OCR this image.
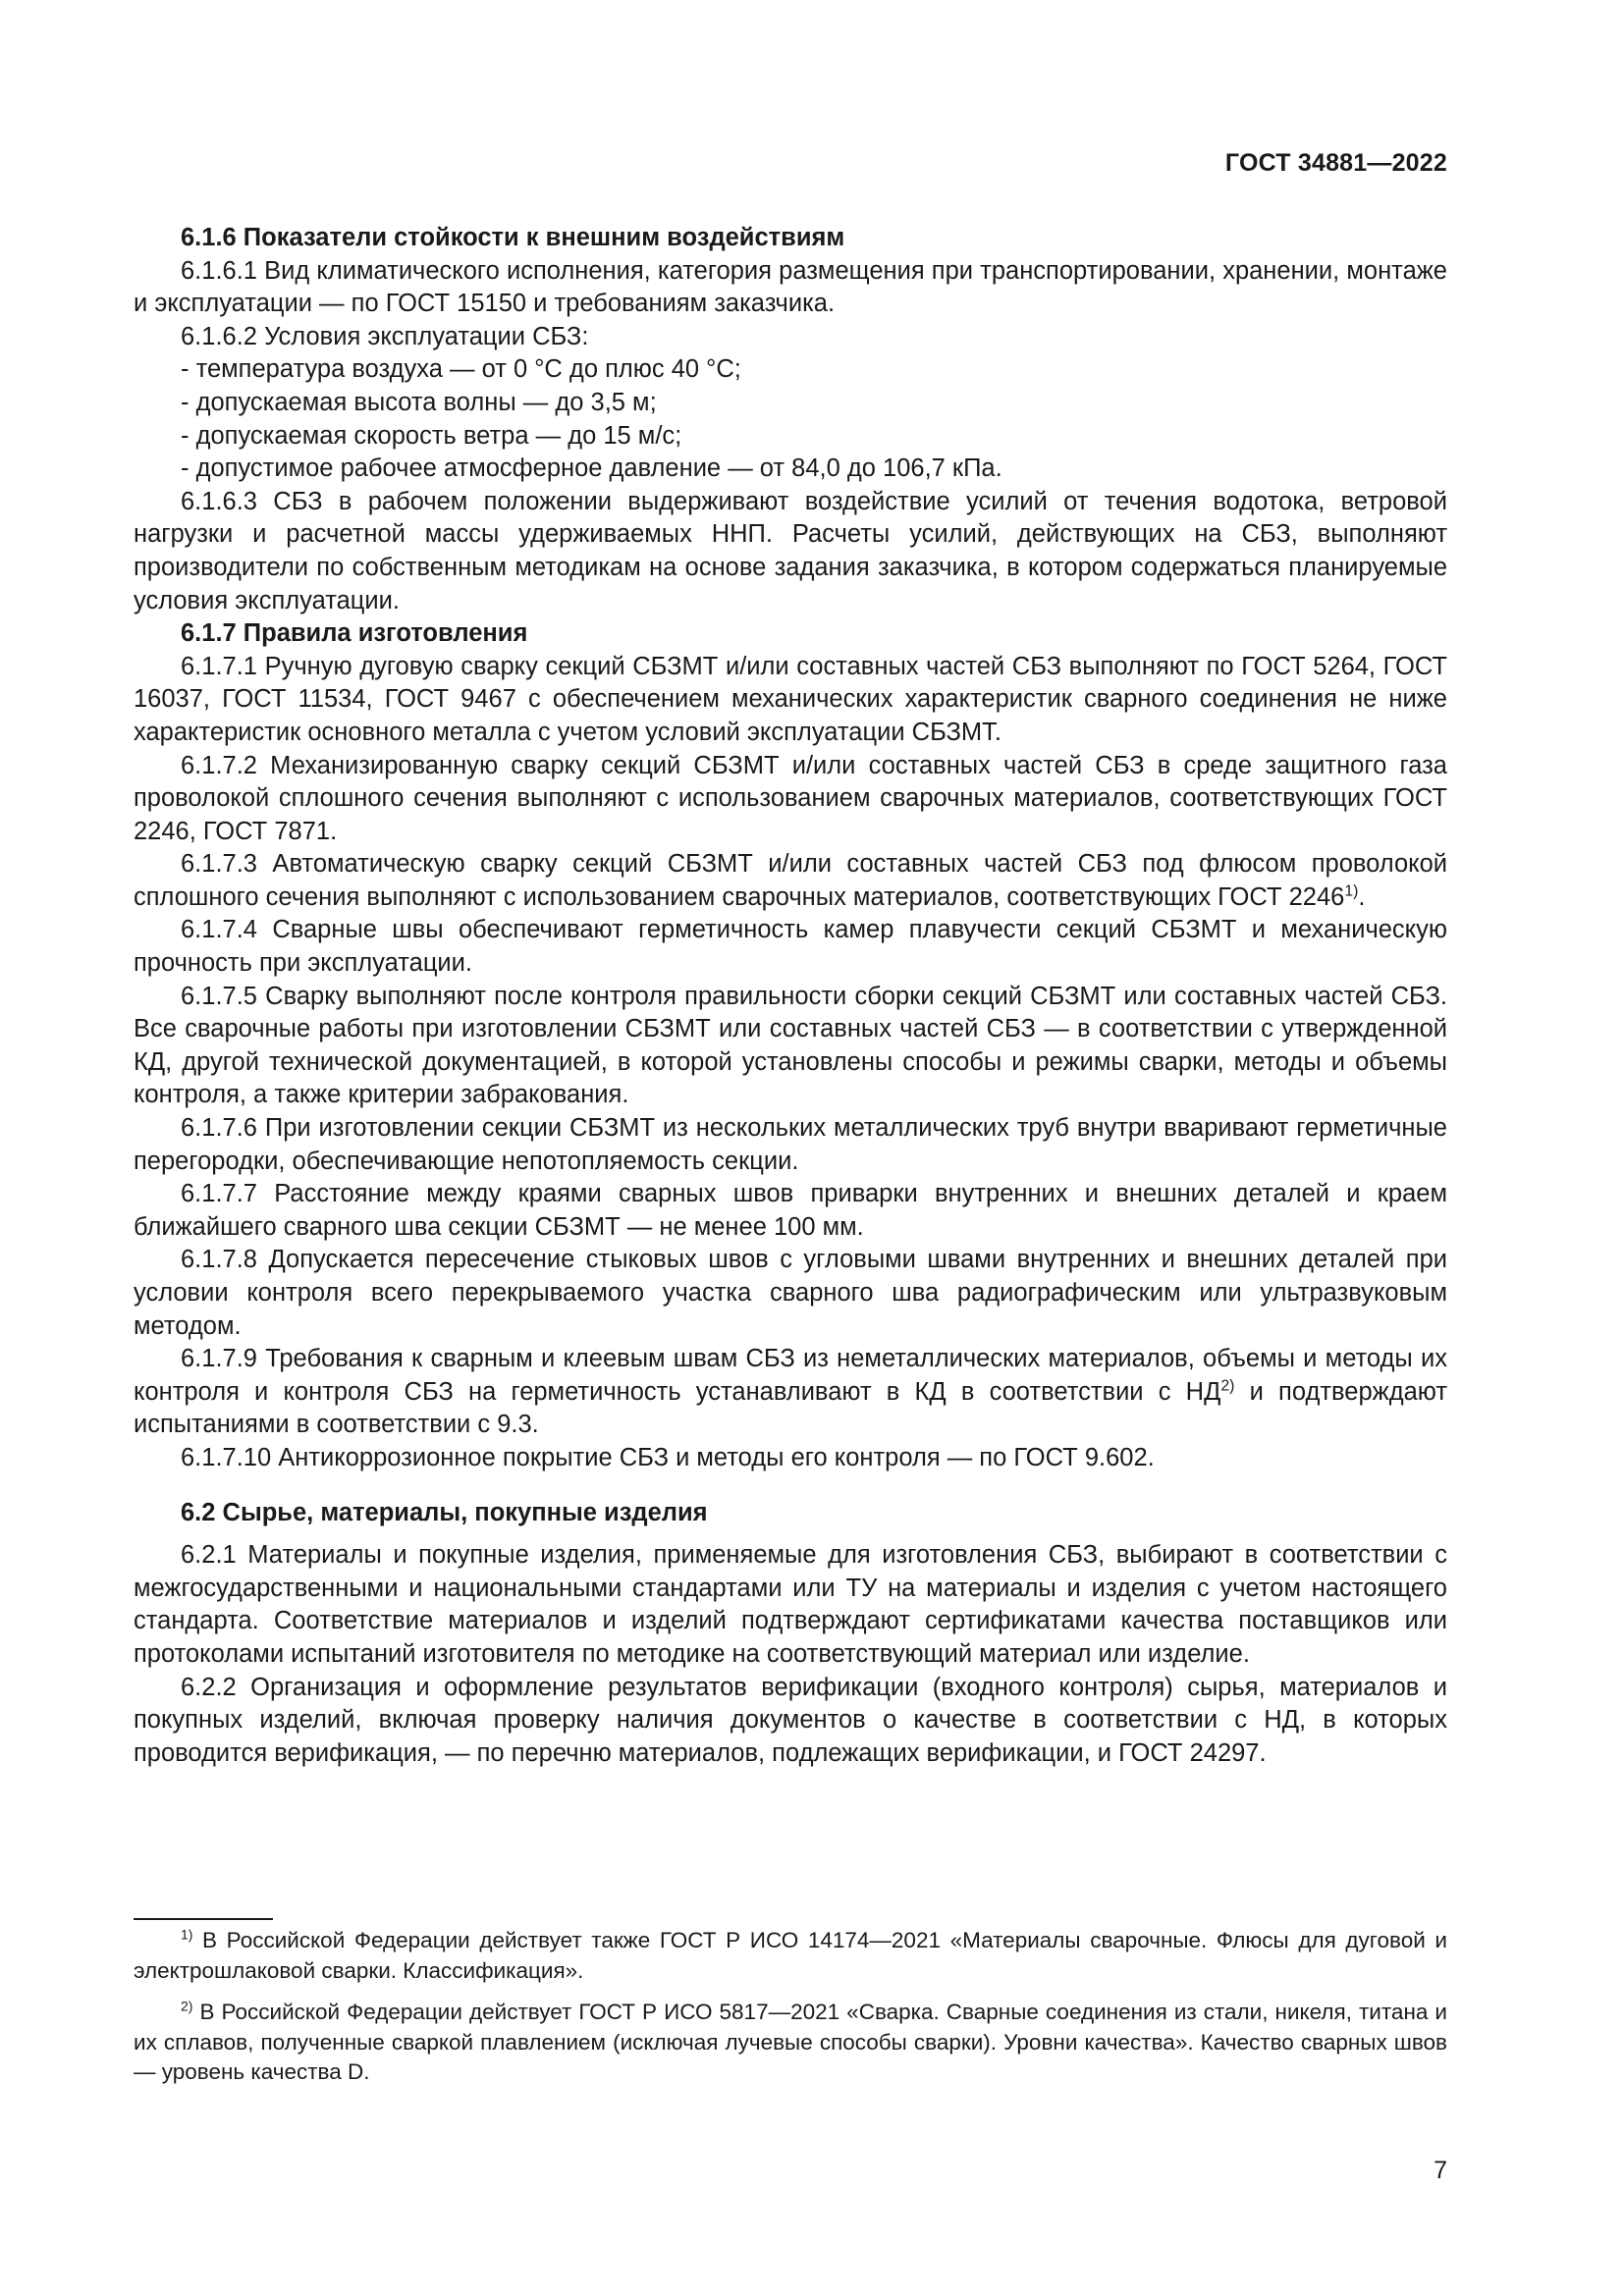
ГОСТ 34881—2022

6.1.6 Показатели стойкости к внешним воздействиям

6.1.6.1 Вид климатического исполнения, категория размещения при транспортировании, хранении, монтаже и эксплуатации — по ГОСТ 15150 и требованиям заказчика.

6.1.6.2 Условия эксплуатации СБЗ:

- температура воздуха — от 0 °С до плюс 40 °С;

- допускаемая высота волны — до 3,5 м;

- допускаемая скорость ветра — до 15 м/с;

- допустимое рабочее атмосферное давление — от 84,0 до 106,7 кПа.

6.1.6.3 СБЗ в рабочем положении выдерживают воздействие усилий от течения водотока, ветровой нагрузки и расчетной массы удерживаемых ННП. Расчеты усилий, действующих на СБЗ, выполняют производители по собственным методикам на основе задания заказчика, в котором содержаться планируемые условия эксплуатации.

6.1.7 Правила изготовления

6.1.7.1 Ручную дуговую сварку секций СБЗМТ и/или составных частей СБЗ выполняют по ГОСТ 5264, ГОСТ 16037, ГОСТ 11534, ГОСТ 9467 с обеспечением механических характеристик сварного соединения не ниже характеристик основного металла с учетом условий эксплуатации СБЗМТ.

6.1.7.2 Механизированную сварку секций СБЗМТ и/или составных частей СБЗ в среде защитного газа проволокой сплошного сечения выполняют с использованием сварочных материалов, соответствующих ГОСТ 2246, ГОСТ 7871.

6.1.7.3 Автоматическую сварку секций СБЗМТ и/или составных частей СБЗ под флюсом проволокой сплошного сечения выполняют с использованием сварочных материалов, соответствующих ГОСТ 2246$^{1)}$.

6.1.7.4 Сварные швы обеспечивают герметичность камер плавучести секций СБЗМТ и механическую прочность при эксплуатации.

6.1.7.5 Сварку выполняют после контроля правильности сборки секций СБЗМТ или составных частей СБЗ. Все сварочные работы при изготовлении СБЗМТ или составных частей СБЗ — в соответствии с утвержденной КД, другой технической документацией, в которой установлены способы и режимы сварки, методы и объемы контроля, а также критерии забракования.

6.1.7.6 При изготовлении секции СБЗМТ из нескольких металлических труб внутри вваривают герметичные перегородки, обеспечивающие непотопляемость секции.

6.1.7.7 Расстояние между краями сварных швов приварки внутренних и внешних деталей и краем ближайшего сварного шва секции СБЗМТ — не менее 100 мм.

6.1.7.8 Допускается пересечение стыковых швов с угловыми швами внутренних и внешних деталей при условии контроля всего перекрываемого участка сварного шва радиографическим или ультразвуковым методом.

6.1.7.9 Требования к сварным и клеевым швам СБЗ из неметаллических материалов, объемы и методы их контроля и контроля СБЗ на герметичность устанавливают в КД в соответствии с НД$^{2)}$ и подтверждают испытаниями в соответствии с 9.3.

6.1.7.10 Антикоррозионное покрытие СБЗ и методы его контроля — по ГОСТ 9.602.

6.2 Сырье, материалы, покупные изделия

6.2.1 Материалы и покупные изделия, применяемые для изготовления СБЗ, выбирают в соответствии с межгосударственными и национальными стандартами или ТУ на материалы и изделия с учетом настоящего стандарта. Соответствие материалов и изделий подтверждают сертификатами качества поставщиков или протоколами испытаний изготовителя по методике на соответствующий материал или изделие.

6.2.2 Организация и оформление результатов верификации (входного контроля) сырья, материалов и покупных изделий, включая проверку наличия документов о качестве в соответствии с НД, в которых проводится верификация, — по перечню материалов, подлежащих верификации, и ГОСТ 24297.

$^{1)}$ В Российской Федерации действует также ГОСТ Р ИСО 14174—2021 «Материалы сварочные. Флюсы для дуговой и электрошлаковой сварки. Классификация».

$^{2)}$ В Российской Федерации действует ГОСТ Р ИСО 5817—2021 «Сварка. Сварные соединения из стали, никеля, титана и их сплавов, полученные сваркой плавлением (исключая лучевые способы сварки). Уровни качества». Качество сварных швов — уровень качества D.

7
